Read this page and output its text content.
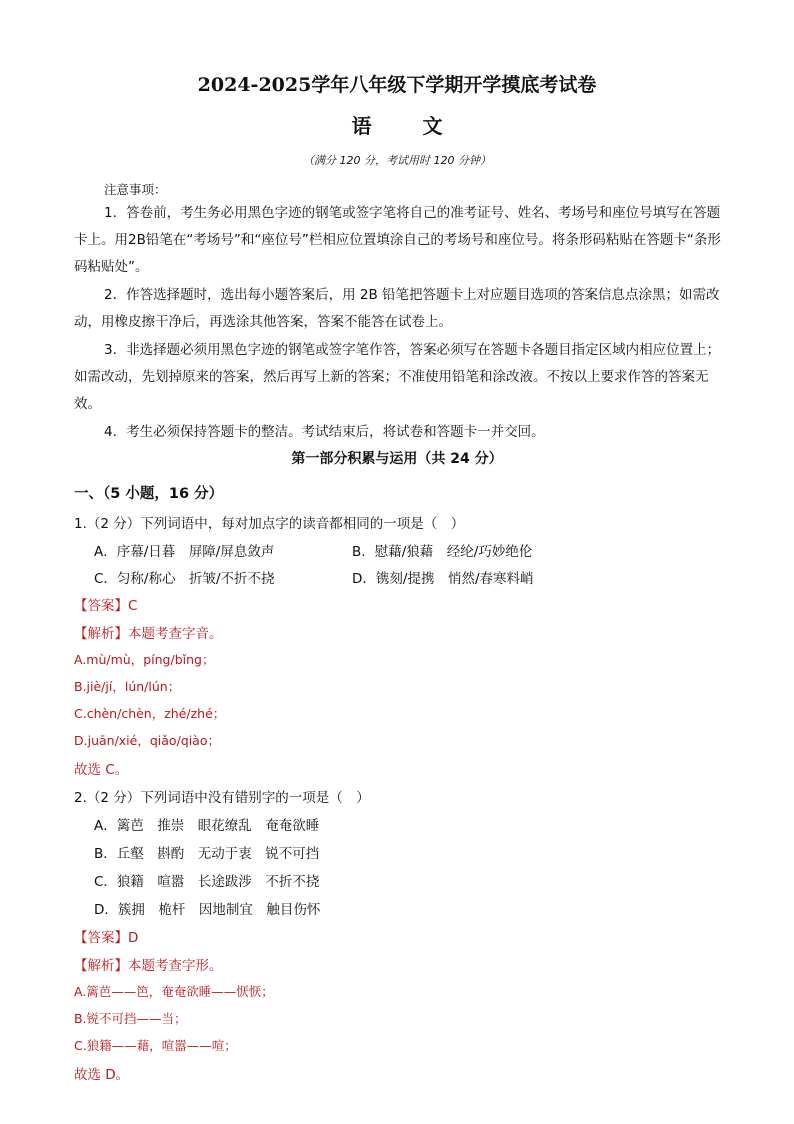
2024-2025学年八年级下学期开学摸底考试卷
语 文
（满分 120 分，考试用时 120 分钟）
注意事项：
1．答卷前，考生务必用黑色字迹的钢笔或签字笔将自己的准考证号、姓名、考场号和座位号填写在答题卡上。用2B铅笔在“考场号”和“座位号”栏相应位置填涂自己的考场号和座位号。将条形码粘贴在答题卡“条形码粘贴处”。
2．作答选择题时，选出每小题答案后，用 2B 铅笔把答题卡上对应题目选项的答案信息点涂黑；如需改动，用橡皮擦干净后，再选涂其他答案，答案不能答在试卷上。
3．非选择题必须用黑色字迹的钢笔或签字笔作答，答案必须写在答题卡各题目指定区域内相应位置上；如需改动，先划掉原来的答案，然后再写上新的答案；不准使用铅笔和涂改液。不按以上要求作答的答案无效。
4．考生必须保持答题卡的整洁。考试结束后，将试卷和答题卡一并交回。
第一部分积累与运用（共 24 分）
一、（5 小题，16 分）
1.（2 分）下列词语中，每对加点字的读音都相同的一项是（　）
A．序幕/日暮　屏障/屏息敛声	B．慰藉/狼藉　经纶/巧妙绝伦
C．匀称/称心　折皱/不折不挠	D．镌刻/提携　悄然/春寒料峭
【答案】C
【解析】本题考查字音。
A.mù/mù，píng/bǐng；
B.jiè/jí，lún/lún；
C.chèn/chèn，zhé/zhé；
D.juān/xié，qiǎo/qiào；
故选 C。
2.（2 分）下列词语中没有错别字的一项是（　）
A．篱芭　推崇　眼花缭乱　奄奄欲睡
B．丘壑　斟酌　无动于衷　锐不可挡
C．狼籍　喧嚣　长途跋涉　不折不挠
D．簇拥　桅杆　因地制宜　触目伤怀
【答案】D
【解析】本题考查字形。
A.篱芭——笆，奄奄欲睡——恹恹；
B.锐不可挡——当；
C.狼籍——藉，喧嚣——喧；
故选 D。
